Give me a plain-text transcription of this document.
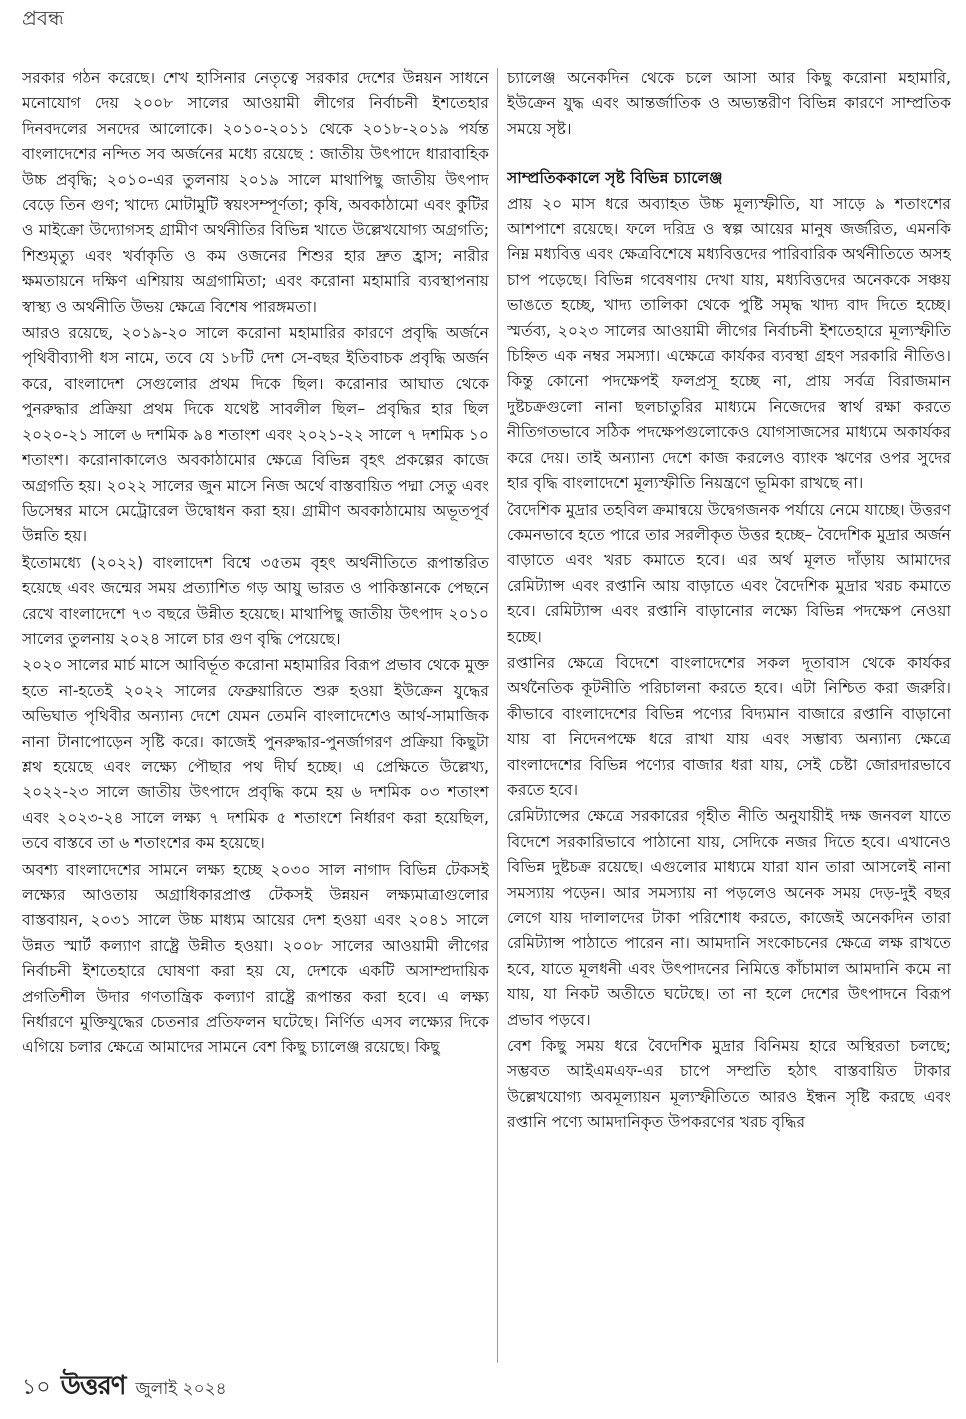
প্রবন্ধ

সরকার গঠন করেছে। শেখ হাসিনার নেতৃত্বে সরকার দেশের উন্নয়ন সাধনে মনোযোগ দেয় ২০০৮ সালের আওয়ামী লীগের নির্বাচনী ইশতেহার দিনবদলের সনদের আলোকে। ২০১০-২০১১ থেকে ২০১৮-২০১৯ পর্যন্ত বাংলাদেশের নন্দিত সব অর্জনের মধ্যে রয়েছে : জাতীয় উৎপাদে ধারাবাহিক উচ্চ প্রবৃদ্ধি; ২০১০-এর তুলনায় ২০১৯ সালে মাথাপিছু জাতীয় উৎপাদ বেড়ে তিন গুণ; খাদ্যে মোটামুটি স্বয়ংসম্পূর্ণতা; কৃষি, অবকাঠামো এবং কুটির ও মাইক্রো উদ্যোগসহ গ্রামীণ অর্থনীতির বিভিন্ন খাতে উল্লেখযোগ্য অগ্রগতি; শিশুমৃত্যু এবং খর্বাকৃতি ও কম ওজনের শিশুর হার দ্রুত হ্রাস; নারীর ক্ষমতায়নে দক্ষিণ এশিয়ায় অগ্রগামিতা; এবং করোনা মহামারি ব্যবস্থাপনায় স্বাস্থ্য ও অর্থনীতি উভয় ক্ষেত্রে বিশেষ পারঙ্গমতা।

আরও রয়েছে, ২০১৯-২০ সালে করোনা মহামারির কারণে প্রবৃদ্ধি অর্জনে পৃথিবীব্যাপী ধস নামে, তবে যে ১৮টি দেশ সে-বছর ইতিবাচক প্রবৃদ্ধি অর্জন করে, বাংলাদেশ সেগুলোর প্রথম দিকে ছিল। করোনার আঘাত থেকে পুনরুদ্ধার প্রক্রিয়া প্রথম দিকে যথেষ্ট সাবলীল ছিল– প্রবৃদ্ধির হার ছিল ২০২০-২১ সালে ৬ দশমিক ৯৪ শতাংশ এবং ২০২১-২২ সালে ৭ দশমিক ১০ শতাংশ। করোনাকালেও অবকাঠামোর ক্ষেত্রে বিভিন্ন বৃহৎ প্রকল্পের কাজে অগ্রগতি হয়। ২০২২ সালের জুন মাসে নিজ অর্থে বাস্তবায়িত পদ্মা সেতু এবং ডিসেম্বর মাসে মেট্রোরেল উদ্বোধন করা হয়। গ্রামীণ অবকাঠামোয় অভূতপূর্ব উন্নতি হয়।

ইতোমধ্যে (২০২২) বাংলাদেশ বিশ্বে ৩৫তম বৃহৎ অর্থনীতিতে রূপান্তরিত হয়েছে এবং জন্মের সময় প্রত্যাশিত গড় আয়ু ভারত ও পাকিস্তানকে পেছনে রেখে বাংলাদেশে ৭৩ বছরে উন্নীত হয়েছে। মাথাপিছু জাতীয় উৎপাদ ২০১০ সালের তুলনায় ২০২৪ সালে চার গুণ বৃদ্ধি পেয়েছে।

২০২০ সালের মার্চ মাসে আবির্ভূত করোনা মহামারির বিরূপ প্রভাব থেকে মুক্ত হতে না-হতেই ২০২২ সালের ফেব্রুয়ারিতে শুরু হওয়া ইউক্রেন যুদ্ধের অভিঘাত পৃথিবীর অন্যান্য দেশে যেমন তেমনি বাংলাদেশেও আর্থ-সামাজিক নানা টানাপোড়েন সৃষ্টি করে। কাজেই পুনরুদ্ধার-পুনর্জাগরণ প্রক্রিয়া কিছুটা শ্লথ হয়েছে এবং লক্ষ্যে পৌছার পথ দীর্ঘ হচ্ছে। এ প্রেক্ষিতে উল্লেখ্য, ২০২২-২৩ সালে জাতীয় উৎপাদে প্রবৃদ্ধি কমে হয় ৬ দশমিক ০৩ শতাংশ এবং ২০২৩-২৪ সালে লক্ষ্য ৭ দশমিক ৫ শতাংশে নির্ধারণ করা হয়েছিল, তবে বাস্তবে তা ৬ শতাংশের কম হয়েছে।

অবশ্য বাংলাদেশের সামনে লক্ষ্য হচ্ছে ২০৩০ সাল নাগাদ বিভিন্ন টেকসই লক্ষ্যের আওতায় অগ্রাধিকারপ্রাপ্ত টেকসই উন্নয়ন লক্ষ্যমাত্রাগুলোর বাস্তবায়ন, ২০৩১ সালে উচ্চ মাধ্যম আয়ের দেশ হওয়া এবং ২০৪১ সালে উন্নত স্মার্ট কল্যাণ রাষ্ট্রে উন্নীত হওয়া। ২০০৮ সালের আওয়ামী লীগের নির্বাচনী ইশতেহারে ঘোষণা করা হয় যে, দেশকে একটি অসাম্প্রদায়িক প্রগতিশীল উদার গণতান্ত্রিক কল্যাণ রাষ্ট্রে রূপান্তর করা হবে। এ লক্ষ্য নির্ধারণে মুক্তিযুদ্ধের চেতনার প্রতিফলন ঘটেছে। নির্ণিত এসব লক্ষ্যের দিকে এগিয়ে চলার ক্ষেত্রে আমাদের সামনে বেশ কিছু চ্যালেঞ্জ রয়েছে। কিছু

চ্যালেঞ্জ অনেকদিন থেকে চলে আসা আর কিছু করোনা মহামারি, ইউক্রেন যুদ্ধ এবং আন্তর্জাতিক ও অভ্যন্তরীণ বিভিন্ন কারণে সাম্প্রতিক সময়ে সৃষ্ট।

সাম্প্রতিককালে সৃষ্ট বিভিন্ন চ্যালেঞ্জ

প্রায় ২০ মাস ধরে অব্যাহত উচ্চ মূল্যস্ফীতি, যা সাড়ে ৯ শতাংশের আশপাশে রয়েছে। ফলে দরিদ্র ও স্বল্প আয়ের মানুষ জর্জরিত, এমনকি নিম্ন মধ্যবিত্ত এবং ক্ষেত্রবিশেষে মধ্যবিত্তদের পারিবারিক অর্থনীতিতে অসহ চাপ পড়েছে। বিভিন্ন গবেষণায় দেখা যায়, মধ্যবিত্তদের অনেককে সঞ্চয় ভাঙতে হচ্ছে, খাদ্য তালিকা থেকে পুষ্টি সমৃদ্ধ খাদ্য বাদ দিতে হচ্ছে। স্মর্তব্য, ২০২৩ সালের আওয়ামী লীগের নির্বাচনী ইশতেহারে মূল্যস্ফীতি চিহ্নিত এক নম্বর সমস্যা। এক্ষেত্রে কার্যকর ব্যবস্থা গ্রহণ সরকারি নীতিও। কিন্তু কোনো পদক্ষেপই ফলপ্রসূ হচ্ছে না, প্রায় সর্বত্র বিরাজমান দুষ্টচক্রগুলো নানা ছলচাতুরির মাধ্যমে নিজেদের স্বার্থ রক্ষা করতে নীতিগতভাবে সঠিক পদক্ষেপগুলোকেও যোগসাজসের মাধ্যমে অকার্যকর করে দেয়। তাই অন্যান্য দেশে কাজ করলেও ব্যাংক ঋণের ওপর সুদের হার বৃদ্ধি বাংলাদেশে মূল্যস্ফীতি নিয়ন্ত্রণে ভূমিকা রাখছে না।

বৈদেশিক মুদ্রার তহবিল ক্রমান্বয়ে উদ্বেগজনক পর্যায়ে নেমে যাচ্ছে। উত্তরণ কেমনভাবে হতে পারে তার সরলীকৃত উত্তর হচ্ছে– বৈদেশিক মুদ্রার অর্জন বাড়াতে এবং খরচ কমাতে হবে। এর অর্থ মূলত দাঁড়ায় আমাদের রেমিট্যান্স এবং রপ্তানি আয় বাড়াতে এবং বৈদেশিক মুদ্রার খরচ কমাতে হবে। রেমিট্যান্স এবং রপ্তানি বাড়ানোর লক্ষ্যে বিভিন্ন পদক্ষেপ নেওয়া হচ্ছে।

রপ্তানির ক্ষেত্রে বিদেশে বাংলাদেশের সকল দূতাবাস থেকে কার্যকর অর্থনৈতিক কূটনীতি পরিচালনা করতে হবে। এটা নিশ্চিত করা জরুরি। কীভাবে বাংলাদেশের বিভিন্ন পণ্যের বিদ্যমান বাজারে রপ্তানি বাড়ানো যায় বা নিদেনপক্ষে ধরে রাখা যায় এবং সম্ভাব্য অন্যান্য ক্ষেত্রে বাংলাদেশের বিভিন্ন পণ্যের বাজার ধরা যায়, সেই চেষ্টা জোরদারভাবে করতে হবে।

রেমিট্যান্সের ক্ষেত্রে সরকারের গৃহীত নীতি অনুযায়ীই দক্ষ জনবল যাতে বিদেশে সরকারিভাবে পাঠানো যায়, সেদিকে নজর দিতে হবে। এখানেও বিভিন্ন দুষ্টচক্র রয়েছে। এগুলোর মাধ্যমে যারা যান তারা আসলেই নানা সমস্যায় পড়েন। আর সমস্যায় না পড়লেও অনেক সময় দেড়-দুই বছর লেগে যায় দালালদের টাকা পরিশোধ করতে, কাজেই অনেকদিন তারা রেমিট্যান্স পাঠাতে পারেন না। আমদানি সংকোচনের ক্ষেত্রে লক্ষ রাখতে হবে, যাতে মূলধনী এবং উৎপাদনের নিমিত্তে কাঁচামাল আমদানি কমে না যায়, যা নিকট অতীতে ঘটেছে। তা না হলে দেশের উৎপাদনে বিরূপ প্রভাব পড়বে।

বেশ কিছু সময় ধরে বৈদেশিক মুদ্রার বিনিময় হারে অস্থিরতা চলছে; সম্ভবত আইএমএফ-এর চাপে সম্প্রতি হঠাৎ বাস্তবায়িত টাকার উল্লেখযোগ্য অবমূল্যায়ন মূল্যস্ফীতিতে আরও ইন্ধন সৃষ্টি করছে এবং রপ্তানি পণ্যে আমদানিকৃত উপকরণের খরচ বৃদ্ধির

১০ উত্তরণ জুলাই ২০২৪
